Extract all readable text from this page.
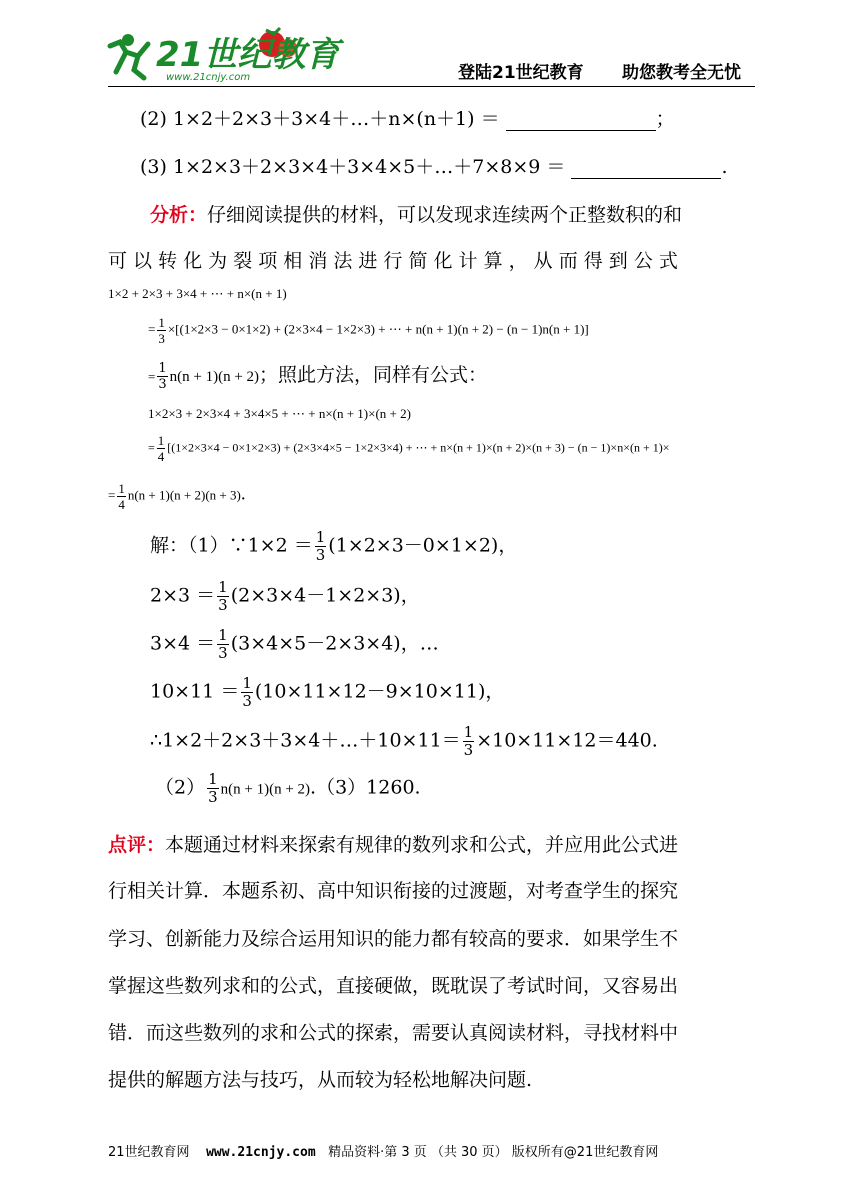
21世纪教育
www.21cnjy.com	登陆21世纪教育 助您教考全无忧
(2) 1×2＋2×3＋3×4＋…＋n×(n＋1) ＝	；
(3) 1×2×3＋2×3×4＋3×4×5＋…＋7×8×9 ＝	.
分析：仔细阅读提供的材料，可以发现求连续两个正整数积的和
可 以 转 化 为 裂 项 相 消 法 进 行 简 化 计 算 ， 从 而 得 到 公 式
1×2 + 2×3 + 3×4 + ⋯ + n×(n + 1)
= $\frac{1}{3} \times[(1\times 2\times 3 - 0\times 1\times 2) + (2\times 3\times 4 - 1\times 2\times 3)$ + ⋯ + n(n + 1)(n + 2) − (n − 1)n(n + 1)]
= $\frac{1}{3} n(n + 1)(n + 2)$；照此方法，同样有公式：
1×2×3 + 2×3×4 + 3×4×5 + ⋯ + n×(n + 1)×(n + 2)
= $\frac{1}{4} [(1\times 2\times 3\times 4 - 0\times 1\times 2\times 3) + (2\times 3\times 4\times 5 - 1\times 2\times 3\times 4)$ + ⋯ + n×(n + 1)×(n + 2)×(n + 3) − (n − 1)×n×(n + 1)×
= $\frac{1}{4} n(n + 1)(n + 2)(n + 3)$.
解：（1）∵1×2 ＝ $\frac{1}{3} (1\times 2\times 3-0\times 1\times 2)$，
$2\times 3 = \frac{1}{3} (2\times 3\times 4-1\times 2\times 3)$，
$3\times 4 = \frac{1}{3} (3\times 4\times 5-2\times 3\times 4)$，…
$10\times 11 = \frac{1}{3} (10\times 11\times 12-9\times 10\times 11)$，
∴1×2＋2×3＋3×4＋…＋10×11＝ $\frac{1}{3} \times 10\times 11\times 12=440$.
$(2) \frac{1}{3} n(n + 1)(n + 2).(3)1260$.
点评：本题通过材料来探索有规律的数列求和公式，并应用此公式进
行相关计算．本题系初、高中知识衔接的过渡题，对考查学生的探究
学习、创新能力及综合运用知识的能力都有较高的要求．如果学生不
掌握这些数列求和的公式，直接硬做，既耽误了考试时间，又容易出
错．而这些数列的求和公式的探索，需要认真阅读材料，寻找材料中
提供的解题方法与技巧，从而较为轻松地解决问题.
21世纪教育网 www.21cnjy.com 精品资料·第 3 页 （共 30 页） 版权所有@21世纪教育网
